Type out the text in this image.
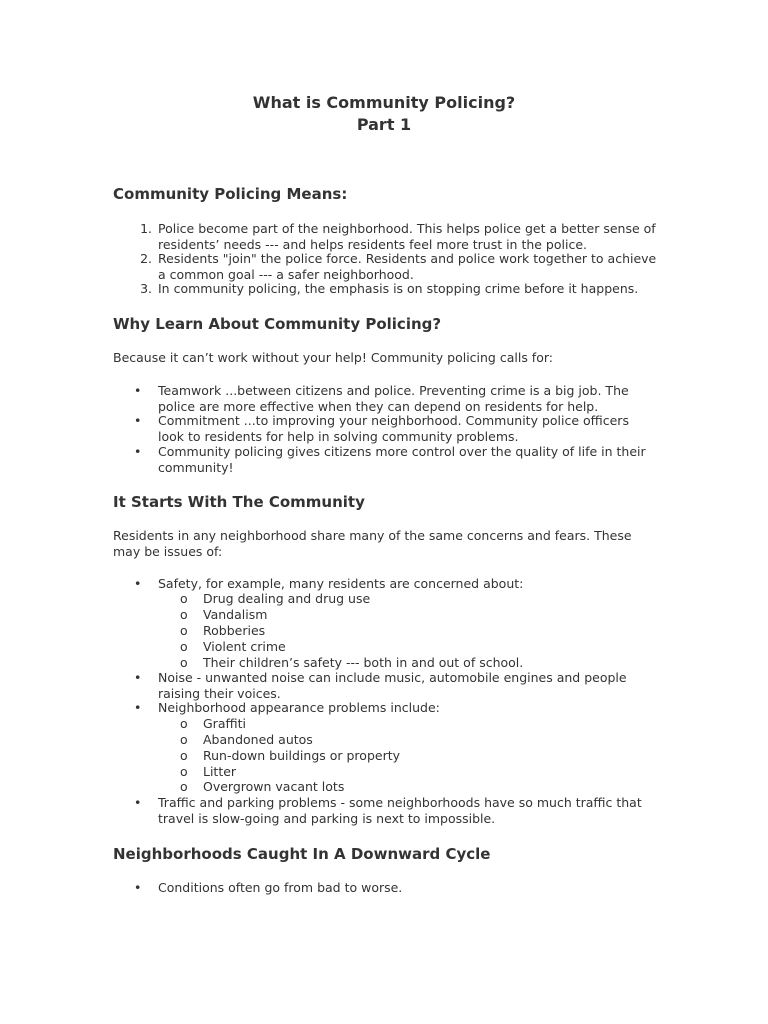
What is Community Policing?
Part 1
Community Policing Means:
1. Police become part of the neighborhood. This helps police get a better sense of residents’ needs --- and helps residents feel more trust in the police.
2. Residents "join" the police force. Residents and police work together to achieve a common goal --- a safer neighborhood.
3. In community policing, the emphasis is on stopping crime before it happens.
Why Learn About Community Policing?

Because it can’t work without your help! Community policing calls for:

• Teamwork ...between citizens and police. Preventing crime is a big job. The police are more effective when they can depend on residents for help.
• Commitment ...to improving your neighborhood. Community police officers look to residents for help in solving community problems.
• Community policing gives citizens more control over the quality of life in their community!
It Starts With The Community

Residents in any neighborhood share many of the same concerns and fears. These may be issues of:

• Safety, for example, many residents are concerned about:
o	Drug dealing and drug use
o	Vandalism
o	Robberies
o	Violent crime
o	Their children’s safety --- both in and out of school.
• Noise - unwanted noise can include music, automobile engines and people raising their voices.
• Neighborhood appearance problems include:
o	Graffiti
o	Abandoned autos
o	Run-down buildings or property
o	Litter
o	Overgrown vacant lots
• Traffic and parking problems - some neighborhoods have so much traffic that travel is slow-going and parking is next to impossible.
Neighborhoods Caught In A Downward Cycle
• Conditions often go from bad to worse.
